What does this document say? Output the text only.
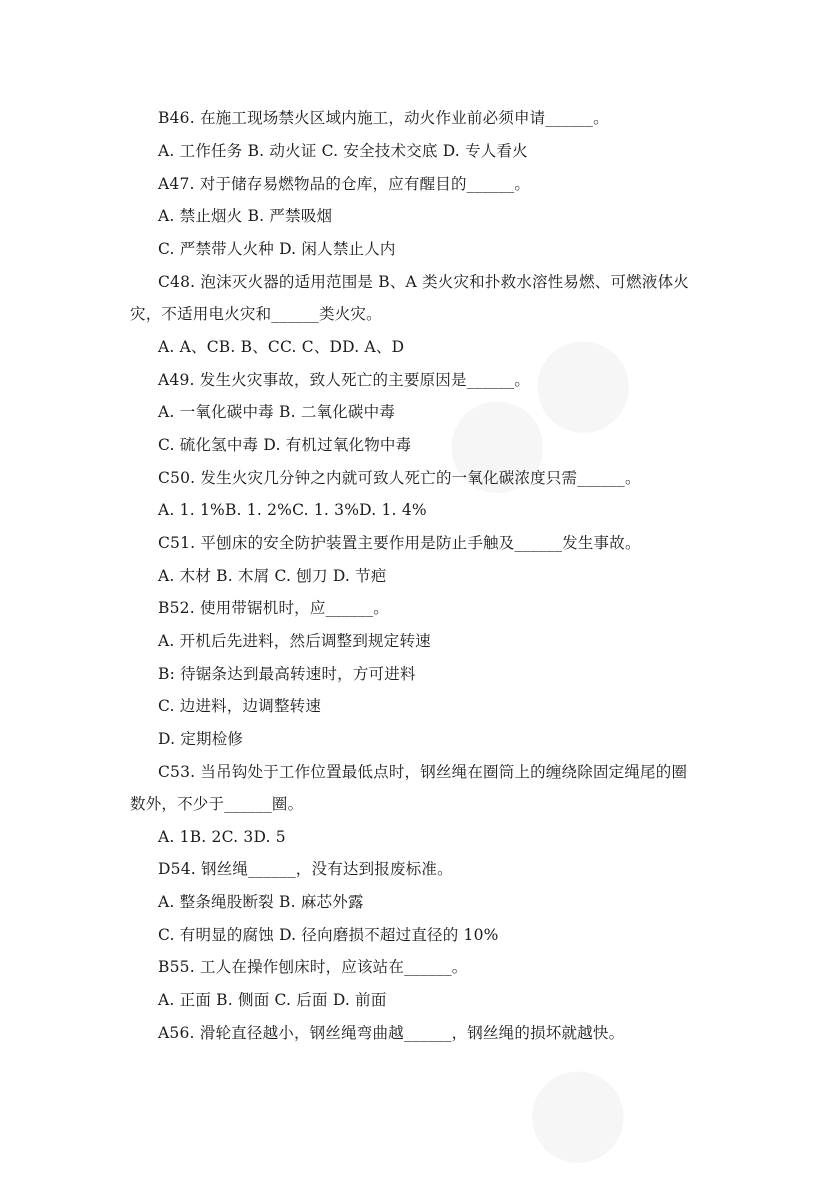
B46. 在施工现场禁火区域内施工，动火作业前必须申请______。
A. 工作任务 B. 动火证 C. 安全技术交底 D. 专人看火
A47. 对于储存易燃物品的仓库，应有醒目的______。
A. 禁止烟火 B. 严禁吸烟
C. 严禁带人火种 D. 闲人禁止人内
C48. 泡沫灭火器的适用范围是 B、A 类火灾和扑救水溶性易燃、可燃液体火
灾，不适用电火灾和______类火灾。
A. A、CB. B、CC. C、DD. A、D
A49. 发生火灾事故，致人死亡的主要原因是______。
A. 一氧化碳中毒 B. 二氧化碳中毒
C. 硫化氢中毒 D. 有机过氧化物中毒
C50. 发生火灾几分钟之内就可致人死亡的一氧化碳浓度只需______。
A. 1. 1%B. 1. 2%C. 1. 3%D. 1. 4%
C51. 平刨床的安全防护装置主要作用是防止手触及______发生事故。
A. 木材 B. 木屑 C. 刨刀 D. 节疤
B52. 使用带锯机时，应______。
A. 开机后先进料，然后调整到规定转速
B: 待锯条达到最高转速时，方可进料
C. 边进料，边调整转速
D. 定期检修
C53. 当吊钩处于工作位置最低点时，钢丝绳在圈筒上的缠绕除固定绳尾的圈
数外，不少于______圈。
A. 1B. 2C. 3D. 5
D54. 钢丝绳______，没有达到报废标准。
A. 整条绳股断裂 B. 麻芯外露
C. 有明显的腐蚀 D. 径向磨损不超过直径的 10%
B55. 工人在操作刨床时，应该站在______。
A. 正面 B. 侧面 C. 后面 D. 前面
A56. 滑轮直径越小，钢丝绳弯曲越______，钢丝绳的损坏就越快。
